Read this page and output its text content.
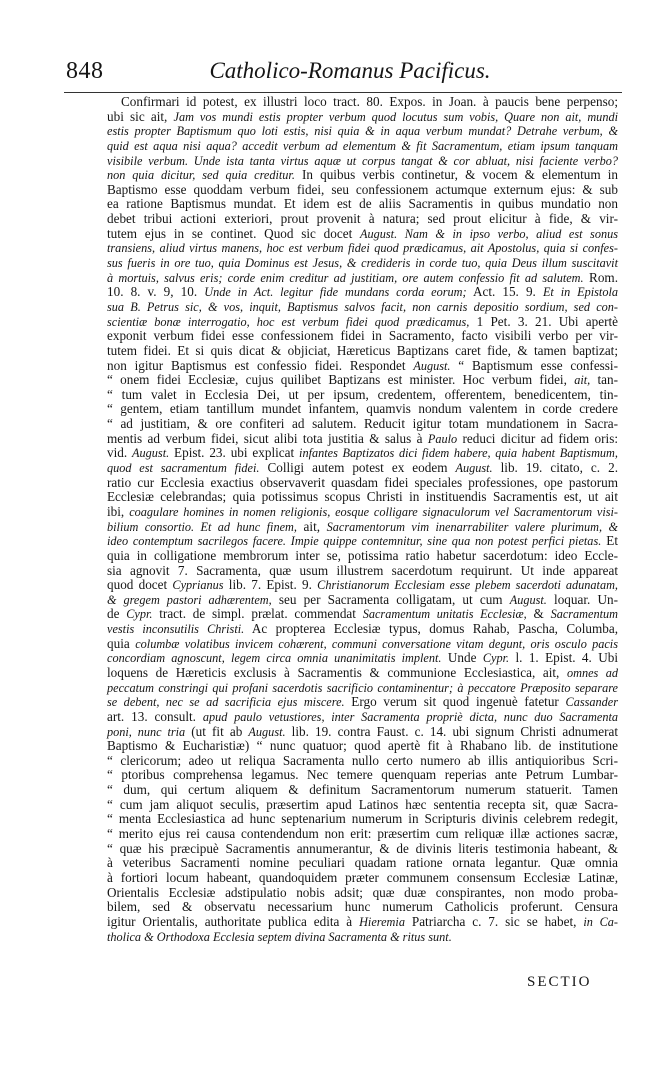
848	Catholico-Romanus Pacificus.
Confirmari id potest, ex illustri loco tract. 80. Expos. in Joan. à paucis bene perpenso;
ubi sic ait, Jam vos mundi estis propter verbum quod locutus sum vobis, Quare non ait, mundi
estis propter Baptismum quo loti estis, nisi quia & in aqua verbum mundat? Detrahe verbum, &
quid est aqua nisi aqua? accedit verbum ad elementum & fit Sacramentum, etiam ipsum tanquam
visibile verbum. Unde ista tanta virtus aquæ ut corpus tangat & cor abluat, nisi faciente verbo?
non quia dicitur, sed quia creditur. In quibus verbis continetur, & vocem & elementum in
Baptismo esse quoddam verbum fidei, seu confessionem actumque externum ejus: & sub
ea ratione Baptismus mundat. Et idem est de aliis Sacramentis in quibus mundatio non
debet tribui actioni exteriori, prout provenit à natura; sed prout elicitur à fide, & vir-
tutem ejus in se continet. Quod sic docet August. Nam & in ipso verbo, aliud est sonus
transiens, aliud virtus manens, hoc est verbum fidei quod prædicamus, ait Apostolus, quia si confes-
sus fueris in ore tuo, quia Dominus est Jesus, & credideris in corde tuo, quia Deus illum suscitavit
à mortuis, salvus eris; corde enim creditur ad justitiam, ore autem confessio fit ad salutem. Rom.
10. 8. v. 9, 10. Unde in Act. legitur fide mundans corda eorum; Act. 15. 9. Et in Epistola
sua B. Petrus sic, & vos, inquit, Baptismus salvos facit, non carnis depositio sordium, sed con-
scientiæ bonæ interrogatio, hoc est verbum fidei quod prædicamus, 1 Pet. 3. 21. Ubi apertè
exponit verbum fidei esse confessionem fidei in Sacramento, facto visibili verbo per vir-
tutem fidei. Et si quis dicat & objiciat, Hæreticus Baptizans caret fide, & tamen baptizat;
non igitur Baptismus est confessio fidei. Respondet August. “ Baptismum esse confessi-
“ onem fidei Ecclesiæ, cujus quilibet Baptizans est minister. Hoc verbum fidei, ait, tan-
“ tum valet in Ecclesia Dei, ut per ipsum, credentem, offerentem, benedicentem, tin-
“ gentem, etiam tantillum mundet infantem, quamvis nondum valentem in corde credere
“ ad justitiam, & ore confiteri ad salutem. Reducit igitur totam mundationem in Sacra-
mentis ad verbum fidei, sicut alibi tota justitia & salus à Paulo reduci dicitur ad fidem oris:
vid. August. Epist. 23. ubi explicat infantes Baptizatos dici fidem habere, quia habent Baptismum,
quod est sacramentum fidei. Colligi autem potest ex eodem August. lib. 19. citato, c. 2.
ratio cur Ecclesia exactius observaverit quasdam fidei speciales professiones, ope pastorum
Ecclesiæ celebrandas; quia potissimus scopus Christi in instituendis Sacramentis est, ut ait
ibi, coagulare homines in nomen religionis, eosque colligare signaculorum vel Sacramentorum visi-
bilium consortio. Et ad hunc finem, ait, Sacramentorum vim inenarrabiliter valere plurimum, &
ideo contemptum sacrilegos facere. Impie quippe contemnitur, sine qua non potest perfici pietas. Et
quia in colligatione membrorum inter se, potissima ratio habetur sacerdotum: ideo Eccle-
sia agnovit 7. Sacramenta, quæ usum illustrem sacerdotum requirunt. Ut inde appareat
quod docet Cyprianus lib. 7. Epist. 9. Christianorum Ecclesiam esse plebem sacerdoti adunatam,
& gregem pastori adhærentem, seu per Sacramenta colligatam, ut cum August. loquar. Un-
de Cypr. tract. de simpl. prælat. commendat Sacramentum unitatis Ecclesiæ, & Sacramentum
vestis inconsutilis Christi. Ac propterea Ecclesiæ typus, domus Rahab, Pascha, Columba,
quia columbæ volatibus invicem cohærent, communi conversatione vitam degunt, oris osculo pacis
concordiam agnoscunt, legem circa omnia unanimitatis implent. Unde Cypr. l. 1. Epist. 4. Ubi
loquens de Hæreticis exclusis à Sacramentis & communione Ecclesiastica, ait, omnes ad
peccatum constringi qui profani sacerdotis sacrificio contaminentur; à peccatore Præposito separare
se debent, nec se ad sacrificia ejus miscere. Ergo verum sit quod ingenuè fatetur Cassander
art. 13. consult. apud paulo vetustiores, inter Sacramenta propriè dicta, nunc duo Sacramenta
poni, nunc tria (ut fit ab August. lib. 19. contra Faust. c. 14. ubi signum Christi adnumerat
Baptismo & Eucharistiæ) “ nunc quatuor; quod apertè fit à Rhabano lib. de institutione
“ clericorum; adeo ut reliqua Sacramenta nullo certo numero ab illis antiquioribus Scri-
“ ptoribus comprehensa legamus. Nec temere quenquam reperias ante Petrum Lumbar-
“ dum, qui certum aliquem & definitum Sacramentorum numerum statuerit. Tamen
“ cum jam aliquot seculis, præsertim apud Latinos hæc sententia recepta sit, quæ Sacra-
“ menta Ecclesiastica ad hunc septenarium numerum in Scripturis divinis celebrem redegit,
“ merito ejus rei causa contendendum non erit: præsertim cum reliquæ illæ actiones sacræ,
“ quæ his præcipuè Sacramentis annumerantur, & de divinis literis testimonia habeant, &
à veteribus Sacramenti nomine peculiari quadam ratione ornata legantur. Quæ omnia
à fortiori locum habeant, quandoquidem præter communem consensum Ecclesiæ Latinæ,
Orientalis Ecclesiæ adstipulatio nobis adsit; quæ duæ conspirantes, non modo proba-
bilem, sed & observatu necessarium hunc numerum Catholicis proferunt. Censura
igitur Orientalis, authoritate publica edita à Hieremia Patriarcha c. 7. sic se habet, in Ca-
tholica & Orthodoxa Ecclesia septem divina Sacramenta & ritus sunt.
SECTIO
